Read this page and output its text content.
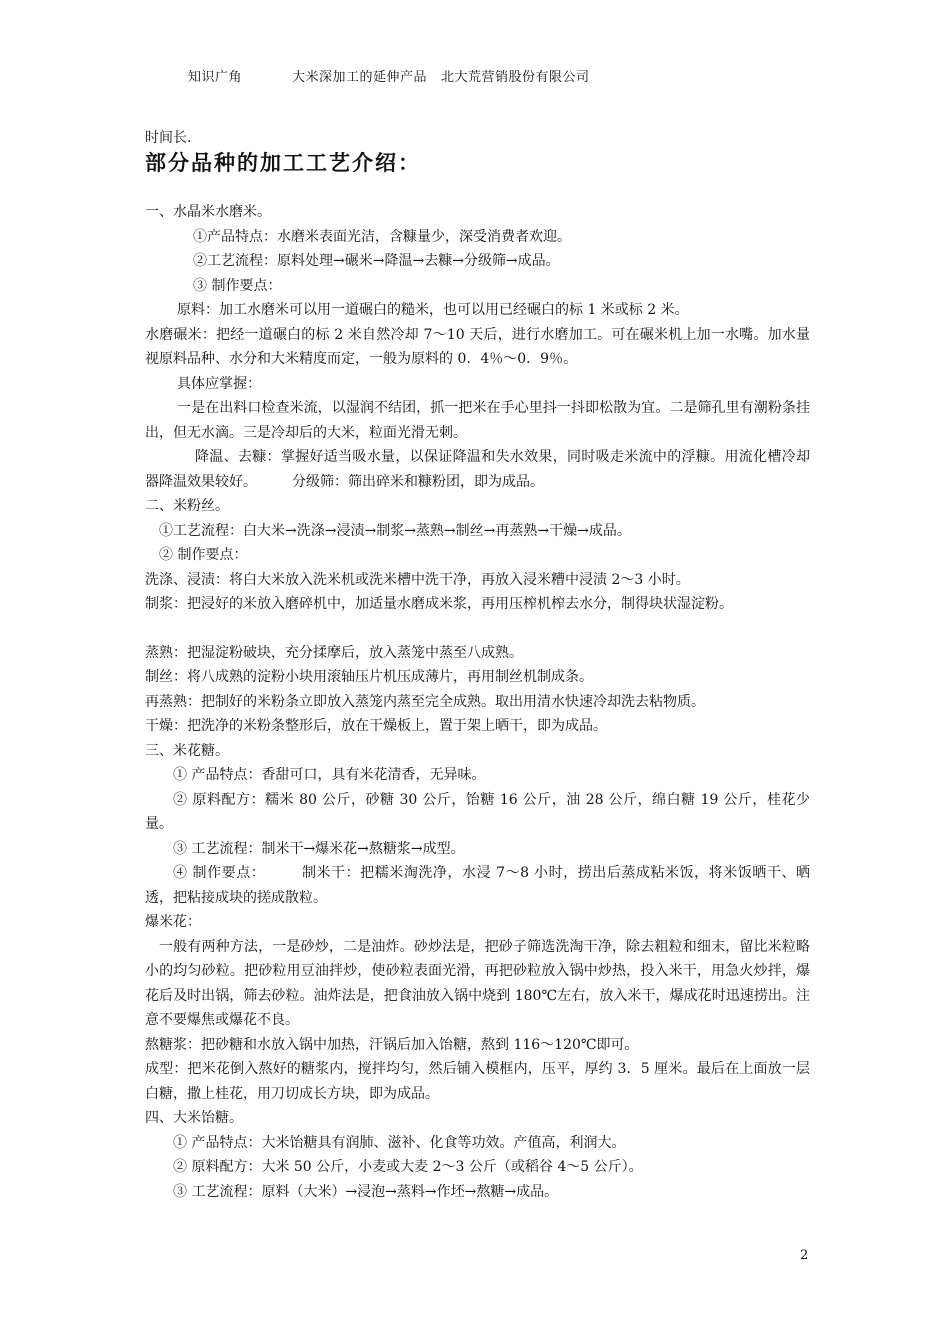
知识广角	大米深加工的延伸产品 北大荒营销股份有限公司
时间长.
部分品种的加工工艺介绍：

一、水晶米水磨米。

①产品特点：水磨米表面光洁，含糠量少，深受消费者欢迎。

②工艺流程：原料处理→碾米→降温→去糠→分级筛→成品。

③ 制作要点：

原料：加工水磨米可以用一道碾白的糙米，也可以用已经碾白的标 1 米或标 2 米。

水磨碾米：把经一道碾白的标 2 米自然冷却 7～10 天后，进行水磨加工。可在碾米机上加一水嘴。加水量视原料品种、水分和大米精度而定，一般为原料的 0．4％～0．9％。

具体应掌握：

一是在出料口检查米流，以湿润不结团，抓一把米在手心里抖一抖即松散为宜。二是筛孔里有潮粉条挂出，但无水滴。三是冷却后的大米，粒面光滑无刺。

降温、去糠：掌握好适当吸水量，以保证降温和失水效果，同时吸走米流中的浮糠。用流化槽冷却器降温效果较好。　　　分级筛：筛出碎米和糠粉团，即为成品。

二、米粉丝。

①工艺流程：白大米→洗涤→浸渍→制浆→蒸熟→制丝→再蒸熟→干燥→成品。

② 制作要点：

洗涤、浸渍：将白大米放入洗米机或洗米槽中洗干净，再放入浸米糟中浸渍 2～3 小时。

制浆：把浸好的米放入磨碎机中，加适量水磨成米浆，再用压榨机榨去水分，制得块状湿淀粉。

蒸熟：把湿淀粉破块，充分揉摩后，放入蒸笼中蒸至八成熟。

制丝：将八成熟的淀粉小块用滚轴压片机压成薄片，再用制丝机制成条。

再蒸熟：把制好的米粉条立即放入蒸笼内蒸至完全成熟。取出用清水快速冷却洗去粘物质。

干燥：把洗净的米粉条整形后，放在干燥板上，置于架上晒干，即为成品。

三、米花糖。

① 产品特点：香甜可口，具有米花清香，无异味。

② 原料配方：糯米 80 公斤，砂糖 30 公斤，饴糖 16 公斤，油 28 公斤，绵白糖 19 公斤，桂花少量。

③ 工艺流程：制米干→爆米花→熬糖浆→成型。

④ 制作要点：　　　制米干：把糯米淘洗净，水浸 7～8 小时，捞出后蒸成粘米饭，将米饭晒干、晒透，把粘接成块的搓成散粒。

爆米花：

一般有两种方法，一是砂炒，二是油炸。砂炒法是，把砂子筛选洗淘干净，除去粗粒和细末，留比米粒略小的均匀砂粒。把砂粒用豆油拌炒，使砂粒表面光滑，再把砂粒放入锅中炒热，投入米干，用急火炒拌，爆花后及时出锅，筛去砂粒。油炸法是，把食油放入锅中烧到 180℃左右，放入米干，爆成花时迅速捞出。注意不要爆焦或爆花不良。

熬糖浆：把砂糖和水放入锅中加热，汗锅后加入饴糖，熬到 116～120℃即可。

成型：把米花倒入熬好的糖浆内，搅拌均匀，然后铺入模框内，压平，厚约 3．5 厘米。最后在上面放一层白糖，撒上桂花，用刀切成长方块，即为成品。

四、大米饴糖。

① 产品特点：大米饴糖具有润肺、滋补、化食等功效。产值高，利润大。

② 原料配方：大米 50 公斤，小麦或大麦 2～3 公斤（或稻谷 4～5 公斤）。

③ 工艺流程：原料（大米）→浸泡→蒸料→作坯→熬糖→成品。

2
